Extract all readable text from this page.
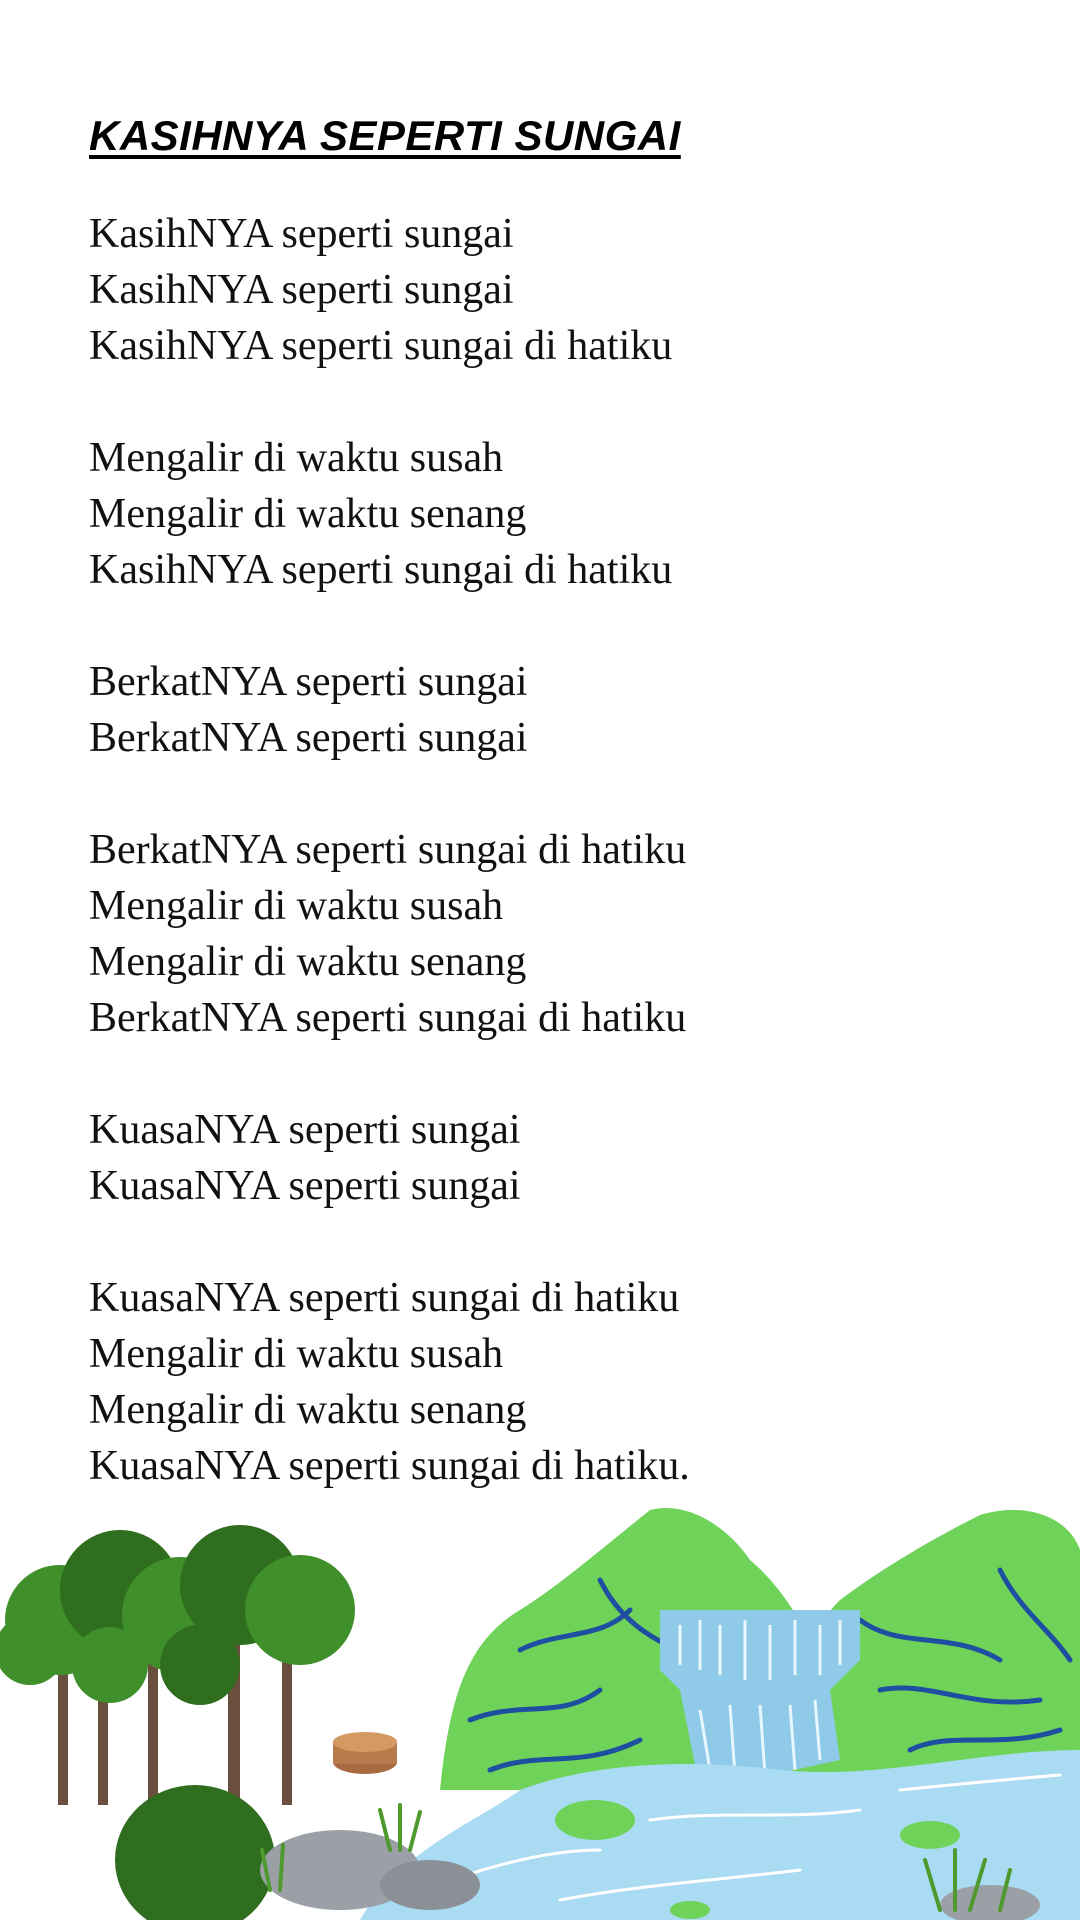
KASIHNYA SEPERTI SUNGAI
KasihNYA seperti sungai
KasihNYA seperti sungai
KasihNYA seperti sungai di hatiku
Mengalir di waktu susah
Mengalir di waktu senang
KasihNYA seperti sungai di hatiku
BerkatNYA seperti sungai
BerkatNYA seperti sungai
BerkatNYA seperti sungai di hatiku
Mengalir di waktu susah
Mengalir di waktu senang
BerkatNYA seperti sungai di hatiku
KuasaNYA seperti sungai
KuasaNYA seperti sungai
KuasaNYA seperti sungai di hatiku
Mengalir di waktu susah
Mengalir di waktu senang
KuasaNYA seperti sungai di hatiku.
